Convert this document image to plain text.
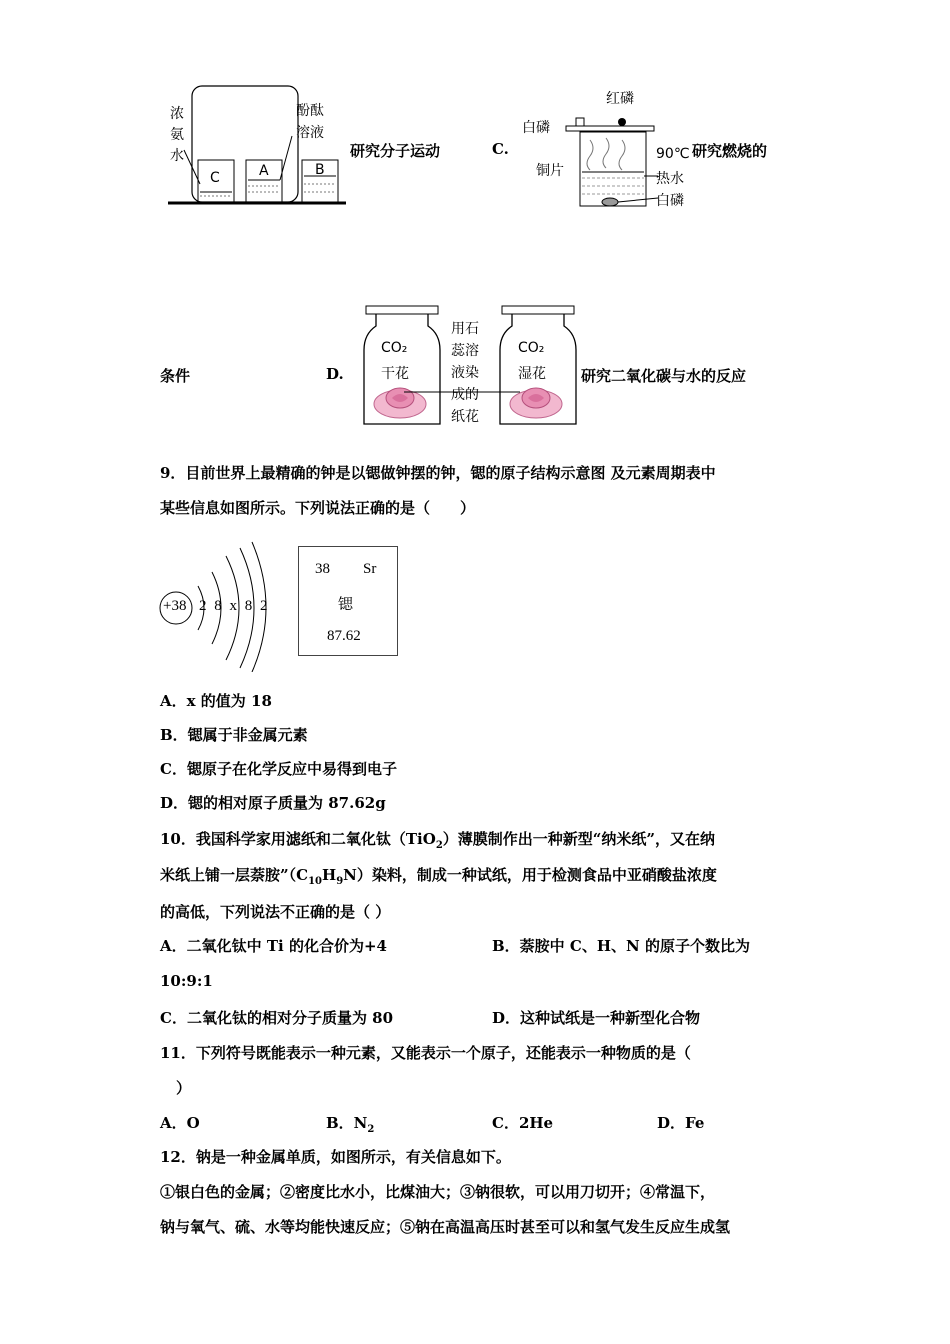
浓
氨
水
酚酞
溶液
C	A	B
研究分子运动	C.
红磷
白磷
铜片
90℃
热水
白磷
研究燃烧的
条件	D.
CO₂
干花
CO₂
湿花
用石
蕊溶
液染
成的
纸花
研究二氧化碳与水的反应
9．目前世界上最精确的钟是以锶做钟摆的钟，锶的原子结构示意图 及元素周期表中
某些信息如图所示。下列说法正确的是（　　）
+38 2 8 x 8 2
38 Sr
锶
87.62
A．x 的值为 18
B．锶属于非金属元素
C．锶原子在化学反应中易得到电子
D．锶的相对原子质量为 87.62g
10．我国科学家用滤纸和二氧化钛（TiO$_2$）薄膜制作出一种新型“纳米纸”，又在纳
米纸上铺一层萘胺$”(C_{10}H_9N)$染料，制成一种试纸，用于检测食品中亚硝酸盐浓度
的高低，下列说法不正确的是（ ）
A．二氧化钛中 Ti 的化合价为+4	B．萘胺中 C、H、N 的原子个数比为
10:9:1
C．二氧化钛的相对分子质量为 80	D．这种试纸是一种新型化合物
11．下列符号既能表示一种元素，又能表示一个原子，还能表示一种物质的是（
）
A．O	B．$N_2$	C．2He	D．Fe
12．钠是一种金属单质，如图所示，有关信息如下。
①银白色的金属；②密度比水小，比煤油大；③钠很软，可以用刀切开；④常温下，
钠与氧气、硫、水等均能快速反应；⑤钠在高温高压时甚至可以和氢气发生反应生成氢
